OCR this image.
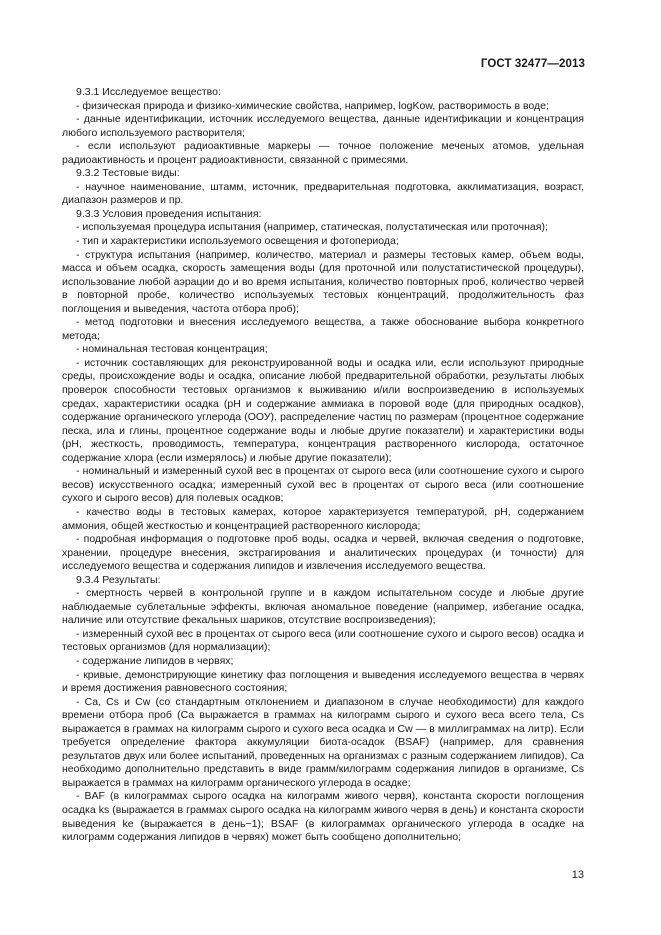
ГОСТ 32477—2013

9.3.1 Исследуемое вещество:

- физическая природа и физико-химические свойства, например, logKow, растворимость в воде;

- данные идентификации, источник исследуемого вещества, данные идентификации и концентрация любого используемого растворителя;

- если используют радиоактивные маркеры — точное положение меченых атомов, удельная радиоактивность и процент радиоактивности, связанной с примесями.

9.3.2 Тестовые виды:

- научное наименование, штамм, источник, предварительная подготовка, акклиматизация, возраст, диапазон размеров и пр.

9.3.3 Условия проведения испытания:

- используемая процедура испытания (например, статическая, полустатическая или проточная);

- тип и характеристики используемого освещения и фотопериода;

- структура испытания (например, количество, материал и размеры тестовых камер, объем воды, масса и объем осадка, скорость замещения воды (для проточной или полустатистической процедуры), использование любой аэрации до и во время испытания, количество повторных проб, количество червей в повторной пробе, количество используемых тестовых концентраций, продолжительность фаз поглощения и выведения, частота отбора проб);

- метод подготовки и внесения исследуемого вещества, а также обоснование выбора конкретного метода;

- номинальная тестовая концентрация;

- источник составляющих для реконструированной воды и осадка или, если используют природные среды, происхождение воды и осадка, описание любой предварительной обработки, результаты любых проверок способности тестовых организмов к выживанию и/или воспроизведению в используемых средах, характеристики осадка (pH и содержание аммиака в поровой воде (для природных осадков), содержание органического углерода (ООУ), распределение частиц по размерам (процентное содержание песка, ила и глины, процентное содержание воды и любые другие показатели) и характеристики воды (pH, жесткость, проводимость, температура, концентрация растворенного кислорода, остаточное содержание хлора (если измерялось) и любые другие показатели);

- номинальный и измеренный сухой вес в процентах от сырого веса (или соотношение сухого и сырого весов) искусственного осадка; измеренный сухой вес в процентах от сырого веса (или соотношение сухого и сырого весов) для полевых осадков;

- качество воды в тестовых камерах, которое характеризуется температурой, pH, содержанием аммония, общей жесткостью и концентрацией растворенного кислорода;

- подробная информация о подготовке проб воды, осадка и червей, включая сведения о подготовке, хранении, процедуре внесения, экстрагирования и аналитических процедурах (и точности) для исследуемого вещества и содержания липидов и извлечения исследуемого вещества.

9.3.4 Результаты:

- смертность червей в контрольной группе и в каждом испытательном сосуде и любые другие наблюдаемые сублетальные эффекты, включая аномальное поведение (например, избегание осадка, наличие или отсутствие фекальных шариков, отсутствие воспроизведения);

- измеренный сухой вес в процентах от сырого веса (или соотношение сухого и сырого весов) осадка и тестовых организмов (для нормализации);

- содержание липидов в червях;

- кривые, демонстрирующие кинетику фаз поглощения и выведения исследуемого вещества в червях и время достижения равновесного состояния;

- Ca, Cs и Cw (со стандартным отклонением и диапазоном в случае необходимости) для каждого времени отбора проб (Ca выражается в граммах на килограмм сырого и сухого веса всего тела, Cs выражается в граммах на килограмм сырого и сухого веса осадка и Cw — в миллиграммах на литр). Если требуется определение фактора аккумуляции биота-осадок (BSAF) (например, для сравнения результатов двух или более испытаний, проведенных на организмах с разным содержанием липидов), Ca необходимо дополнительно представить в виде грамм/килограмм содержания липидов в организме, Cs выражается в граммах на килограмм органического углерода в осадке;

- BAF (в килограммах сырого осадка на килограмм живого червя), константа скорости поглощения осадка ks (выражается в граммах сырого осадка на килограмм живого червя в день) и константа скорости выведения ke (выражается в день−1); BSAF (в килограммах органического углерода в осадке на килограмм содержания липидов в червях) может быть сообщено дополнительно;

13
